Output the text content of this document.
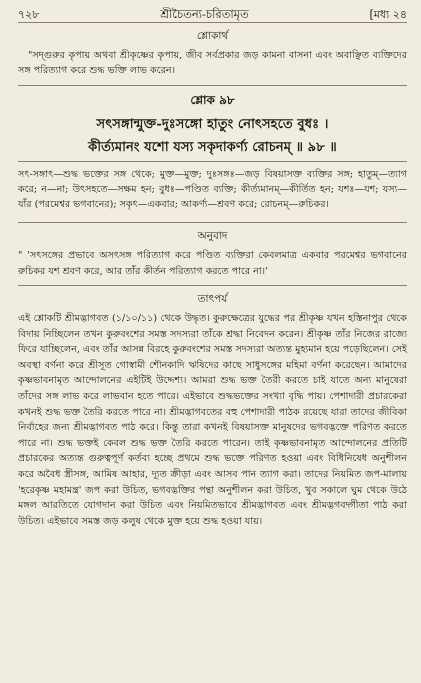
৭২৮	শ্রীচৈতন্য-চরিতামৃত	[মধ্য ২৪
শ্লোকার্থ

"সদ্গুরুর কৃপায় অথবা শ্রীকৃষ্ণের কৃপায়, জীব সর্বপ্রকার জড় কামনা বাসনা এবং অবাঞ্ছিত ব্যক্তিদের সঙ্গ পরিত্যাগ করে শুদ্ধ ভক্তি লাভ করেন।

শ্লোক ৯৮
সৎসঙ্গান্মুক্ত-দুঃসঙ্গো হাতুং নোৎসহতে বুধঃ ।
কীর্ত্যমানং যশো যস্য সকৃদাকর্ণ্য রোচনম্‌ ॥ ৯৮ ॥

সৎ-সঙ্গাৎ—শুদ্ধ ভক্তের সঙ্গ থেকে; মুক্ত—মুক্ত; দুঃসঙ্গঃ—জড় বিষয়াসক্ত ব্যক্তির সঙ্গ; হাতুম্—ত্যাগ করে; ন—না; উৎসহতে—সক্ষম হন; বুধঃ—পণ্ডিত ব্যক্তি; কীর্ত্যমানম্—কীর্তিত হন; যশঃ—যশ; যস্য—যাঁর (পরমেশ্বর ভগবানের); সকৃৎ—একবার; আকর্ণ্য—শ্রবণ করে; রোচনম্—রুচিকর।

অনুবাদ

" 'সৎসঙ্গের প্রভাবে অসৎসঙ্গ পরিত্যাগ করে পণ্ডিত ব্যক্তিরা কেবলমাত্র একবার পরমেশ্বর ভগবানের রুচিকর যশ শ্রবণ করে, আর তাঁর কীর্তন পরিত্যাগ করতে পারে না।'

তাৎপর্য

এই শ্লোকটি শ্রীমদ্ভাগবত (১/১০/১১) থেকে উদ্ধৃত। কুরুক্ষেত্রের যুদ্ধের পর শ্রীকৃষ্ণ যখন হস্তিনাপুর থেকে বিদায় নিচ্ছিলেন তখন কুরুবংশের সমস্ত সদস্যরা তাঁকে শ্রদ্ধা নিবেদন করেন। শ্রীকৃষ্ণ তাঁর নিজের রাজ্যে ফিরে যাচ্ছিলেন, এবং তাঁর আসন্ন বিরহে কুরুবংশের সমস্ত সদস্যরা অত্যন্ত মুহ্যমান হয়ে পড়েছিলেন। সেই অবস্থা বর্ণনা করে শ্রীসূত গোস্বামী শৌনকাদি ঋষিদের কাছে সাধুসঙ্গের মহিমা বর্ণনা করেছেন। আমাদের কৃষ্ণভাবনামৃত আন্দোলনের এইটিই উদ্দেশ্য। আমরা শুদ্ধ ভক্ত তৈরী করতে চাই যাতে অন্য মানুষেরা তাঁদের সঙ্গ লাভ করে লাভবান হতে পারে। এইভাবে শুদ্ধভক্তের সংখ্যা বৃদ্ধি পায়। পেশাদারী প্রচারকেরা কখনই শুদ্ধ ভক্ত তৈরি করতে পারে না। শ্রীমদ্ভাগবতের বহু পেশাদারী পাঠক রয়েছে যারা তাদের জীবিকা নির্বাহের জন্য শ্রীমদ্ভাগবত পাঠ করে। কিন্তু তারা কখনই বিষয়াসক্ত মানুষদের ভগবদ্ভক্তে পরিণত করতে পারে না। শুদ্ধ ভক্তই কেবল শুদ্ধ ভক্ত তৈরি করতে পারেন। তাই কৃষ্ণভাবনামৃত আন্দোলনের প্রতিটি প্রচারকের অত্যন্ত গুরুত্বপূর্ণ কর্তব্য হচ্ছে প্রথমে শুদ্ধ ভক্তে পরিণত হওয়া এবং বিধিনিষেধ অনুশীলন করে অবৈধ স্ত্রীসঙ্গ, আমিষ আহার, দ্যূত ক্রীড়া এবং আসব পান ত্যাগ করা। তাদের নিয়মিত জপ-মালায় 'হরেকৃষ্ণ মহামন্ত্র' জপ করা উচিত, ভগবদ্ভক্তির পন্থা অনুশীলন করা উচিত, খুব সকালে ঘুম থেকে উঠে মঙ্গল আরতিতে যোগদান করা উচিত এবং নিয়মিতভাবে শ্রীমদ্ভাগবত এবং শ্রীমদ্ভগবদ্গীতা পাঠ করা উচিত। এইভাবে সমস্ত জড় কলুষ থেকে মুক্ত হয়ে শুদ্ধ হওয়া যায়।
